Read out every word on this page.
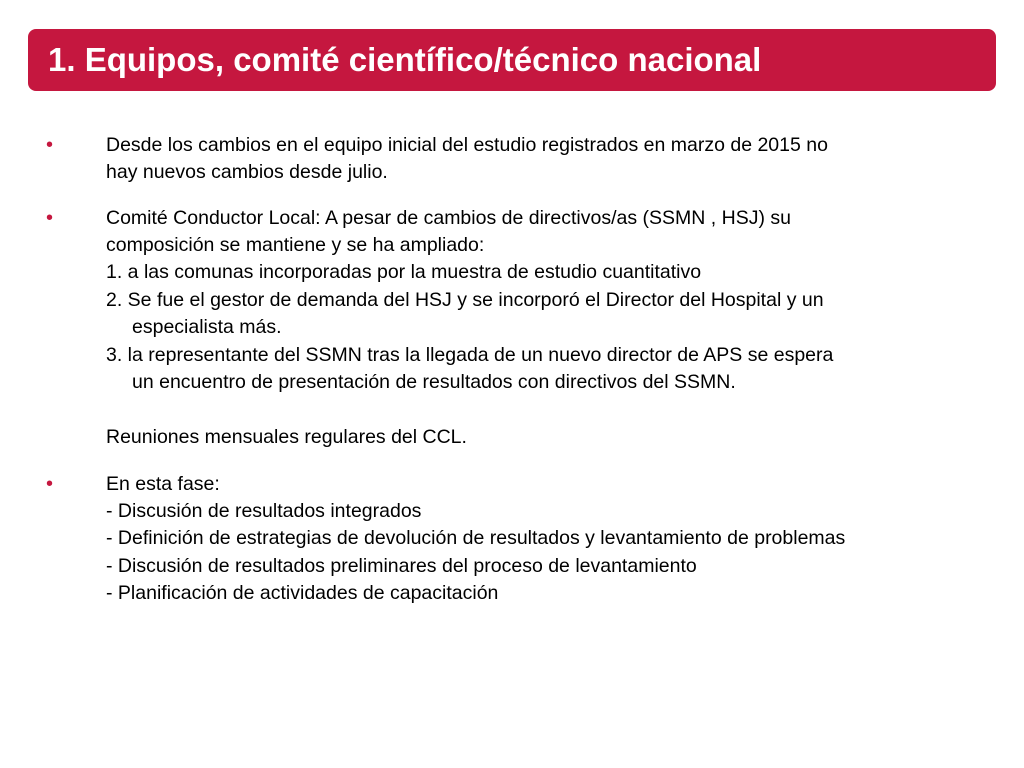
1. Equipos, comité científico/técnico nacional
•	Desde los cambios en el equipo inicial del estudio registrados en marzo de 2015 no
hay nuevos cambios desde julio.
•	Comité Conductor Local: A pesar de cambios de directivos/as (SSMN , HSJ) su
composición se mantiene y se ha ampliado:
1. a las comunas incorporadas por la muestra de estudio cuantitativo
2. Se fue el gestor de demanda del HSJ y se incorporó el Director del Hospital y un
especialista más.
3. la representante del SSMN tras la llegada de un nuevo director de APS se espera
un encuentro de presentación de resultados con directivos del SSMN.
Reuniones mensuales regulares del CCL.
•	En esta fase:
- Discusión de resultados integrados
- Definición de estrategias de devolución de resultados y levantamiento de problemas
- Discusión de resultados preliminares del proceso de levantamiento
- Planificación de actividades de capacitación
